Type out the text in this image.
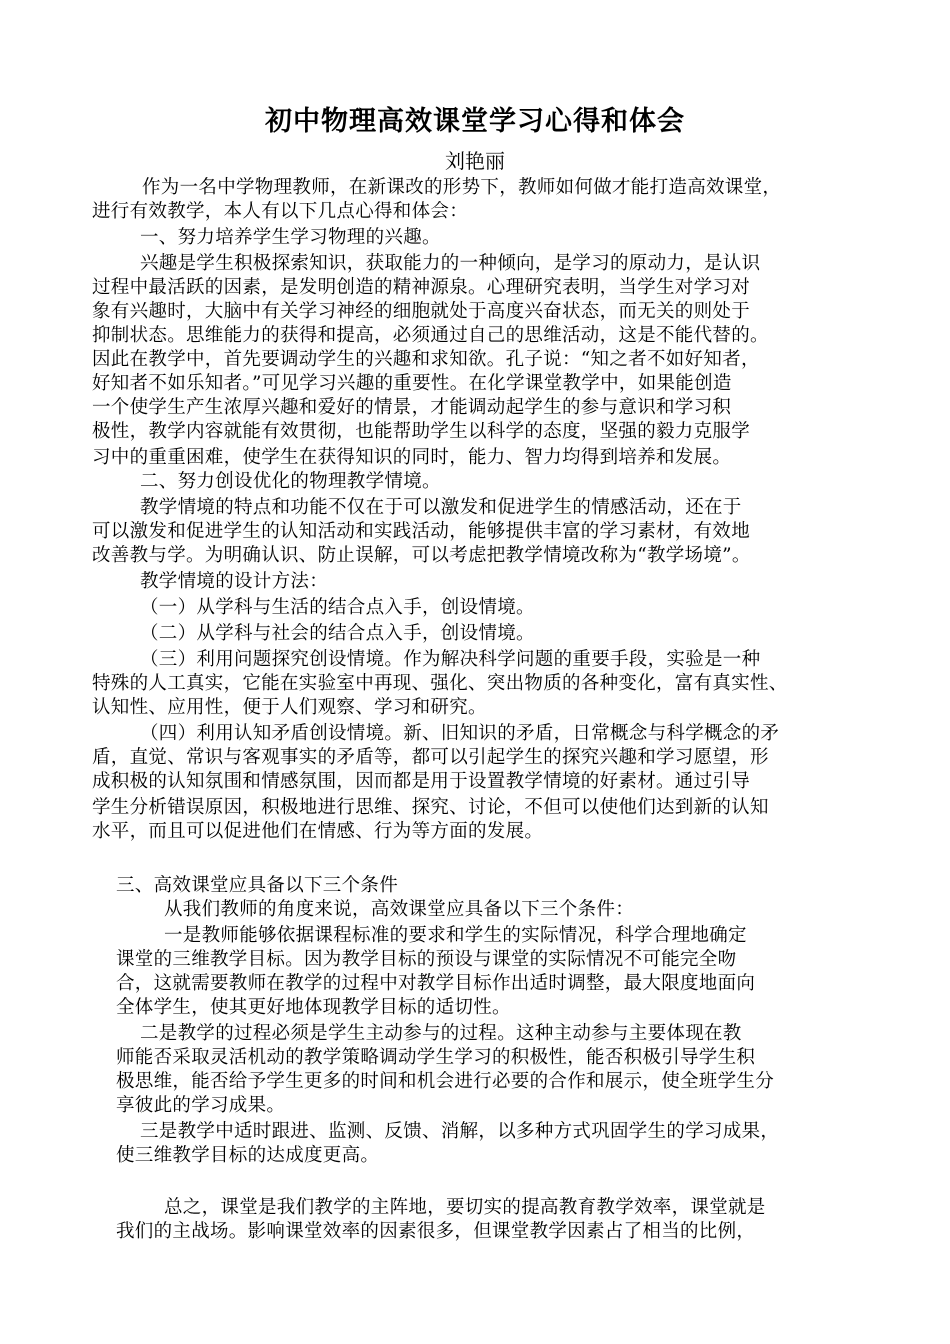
初中物理高效课堂学习心得和体会
刘艳丽
作为一名中学物理教师，在新课改的形势下，教师如何做才能打造高效课堂，
进行有效教学，本人有以下几点心得和体会：
一、努力培养学生学习物理的兴趣。
兴趣是学生积极探索知识，获取能力的一种倾向，是学习的原动力，是认识
过程中最活跃的因素，是发明创造的精神源泉。心理研究表明，当学生对学习对
象有兴趣时，大脑中有关学习神经的细胞就处于高度兴奋状态，而无关的则处于
抑制状态。思维能力的获得和提高，必须通过自己的思维活动，这是不能代替的。
因此在教学中，首先要调动学生的兴趣和求知欲。孔子说：“知之者不如好知者，
好知者不如乐知者。”可见学习兴趣的重要性。在化学课堂教学中，如果能创造
一个使学生产生浓厚兴趣和爱好的情景，才能调动起学生的参与意识和学习积
极性，教学内容就能有效贯彻，也能帮助学生以科学的态度，坚强的毅力克服学
习中的重重困难，使学生在获得知识的同时，能力、智力均得到培养和发展。
二、努力创设优化的物理教学情境。
教学情境的特点和功能不仅在于可以激发和促进学生的情感活动，还在于
可以激发和促进学生的认知活动和实践活动，能够提供丰富的学习素材，有效地
改善教与学。为明确认识、防止误解，可以考虑把教学情境改称为“教学场境”。
教学情境的设计方法：
（一）从学科与生活的结合点入手，创设情境。
（二）从学科与社会的结合点入手，创设情境。
（三）利用问题探究创设情境。作为解决科学问题的重要手段，实验是一种
特殊的人工真实，它能在实验室中再现、强化、突出物质的各种变化，富有真实性、
认知性、应用性，便于人们观察、学习和研究。
（四）利用认知矛盾创设情境。新、旧知识的矛盾，日常概念与科学概念的矛
盾，直觉、常识与客观事实的矛盾等，都可以引起学生的探究兴趣和学习愿望，形
成积极的认知氛围和情感氛围，因而都是用于设置教学情境的好素材。通过引导
学生分析错误原因，积极地进行思维、探究、讨论，不但可以使他们达到新的认知
水平，而且可以促进他们在情感、行为等方面的发展。
三、高效课堂应具备以下三个条件
从我们教师的角度来说，高效课堂应具备以下三个条件：
一是教师能够依据课程标准的要求和学生的实际情况，科学合理地确定
课堂的三维教学目标。因为教学目标的预设与课堂的实际情况不可能完全吻
合，这就需要教师在教学的过程中对教学目标作出适时调整，最大限度地面向
全体学生，使其更好地体现教学目标的适切性。
二是教学的过程必须是学生主动参与的过程。这种主动参与主要体现在教
师能否采取灵活机动的教学策略调动学生学习的积极性，能否积极引导学生积
极思维，能否给予学生更多的时间和机会进行必要的合作和展示，使全班学生分
享彼此的学习成果。
三是教学中适时跟进、监测、反馈、消解，以多种方式巩固学生的学习成果，
使三维教学目标的达成度更高。
总之，课堂是我们教学的主阵地，要切实的提高教育教学效率，课堂就是
我们的主战场。影响课堂效率的因素很多，但课堂教学因素占了相当的比例，
